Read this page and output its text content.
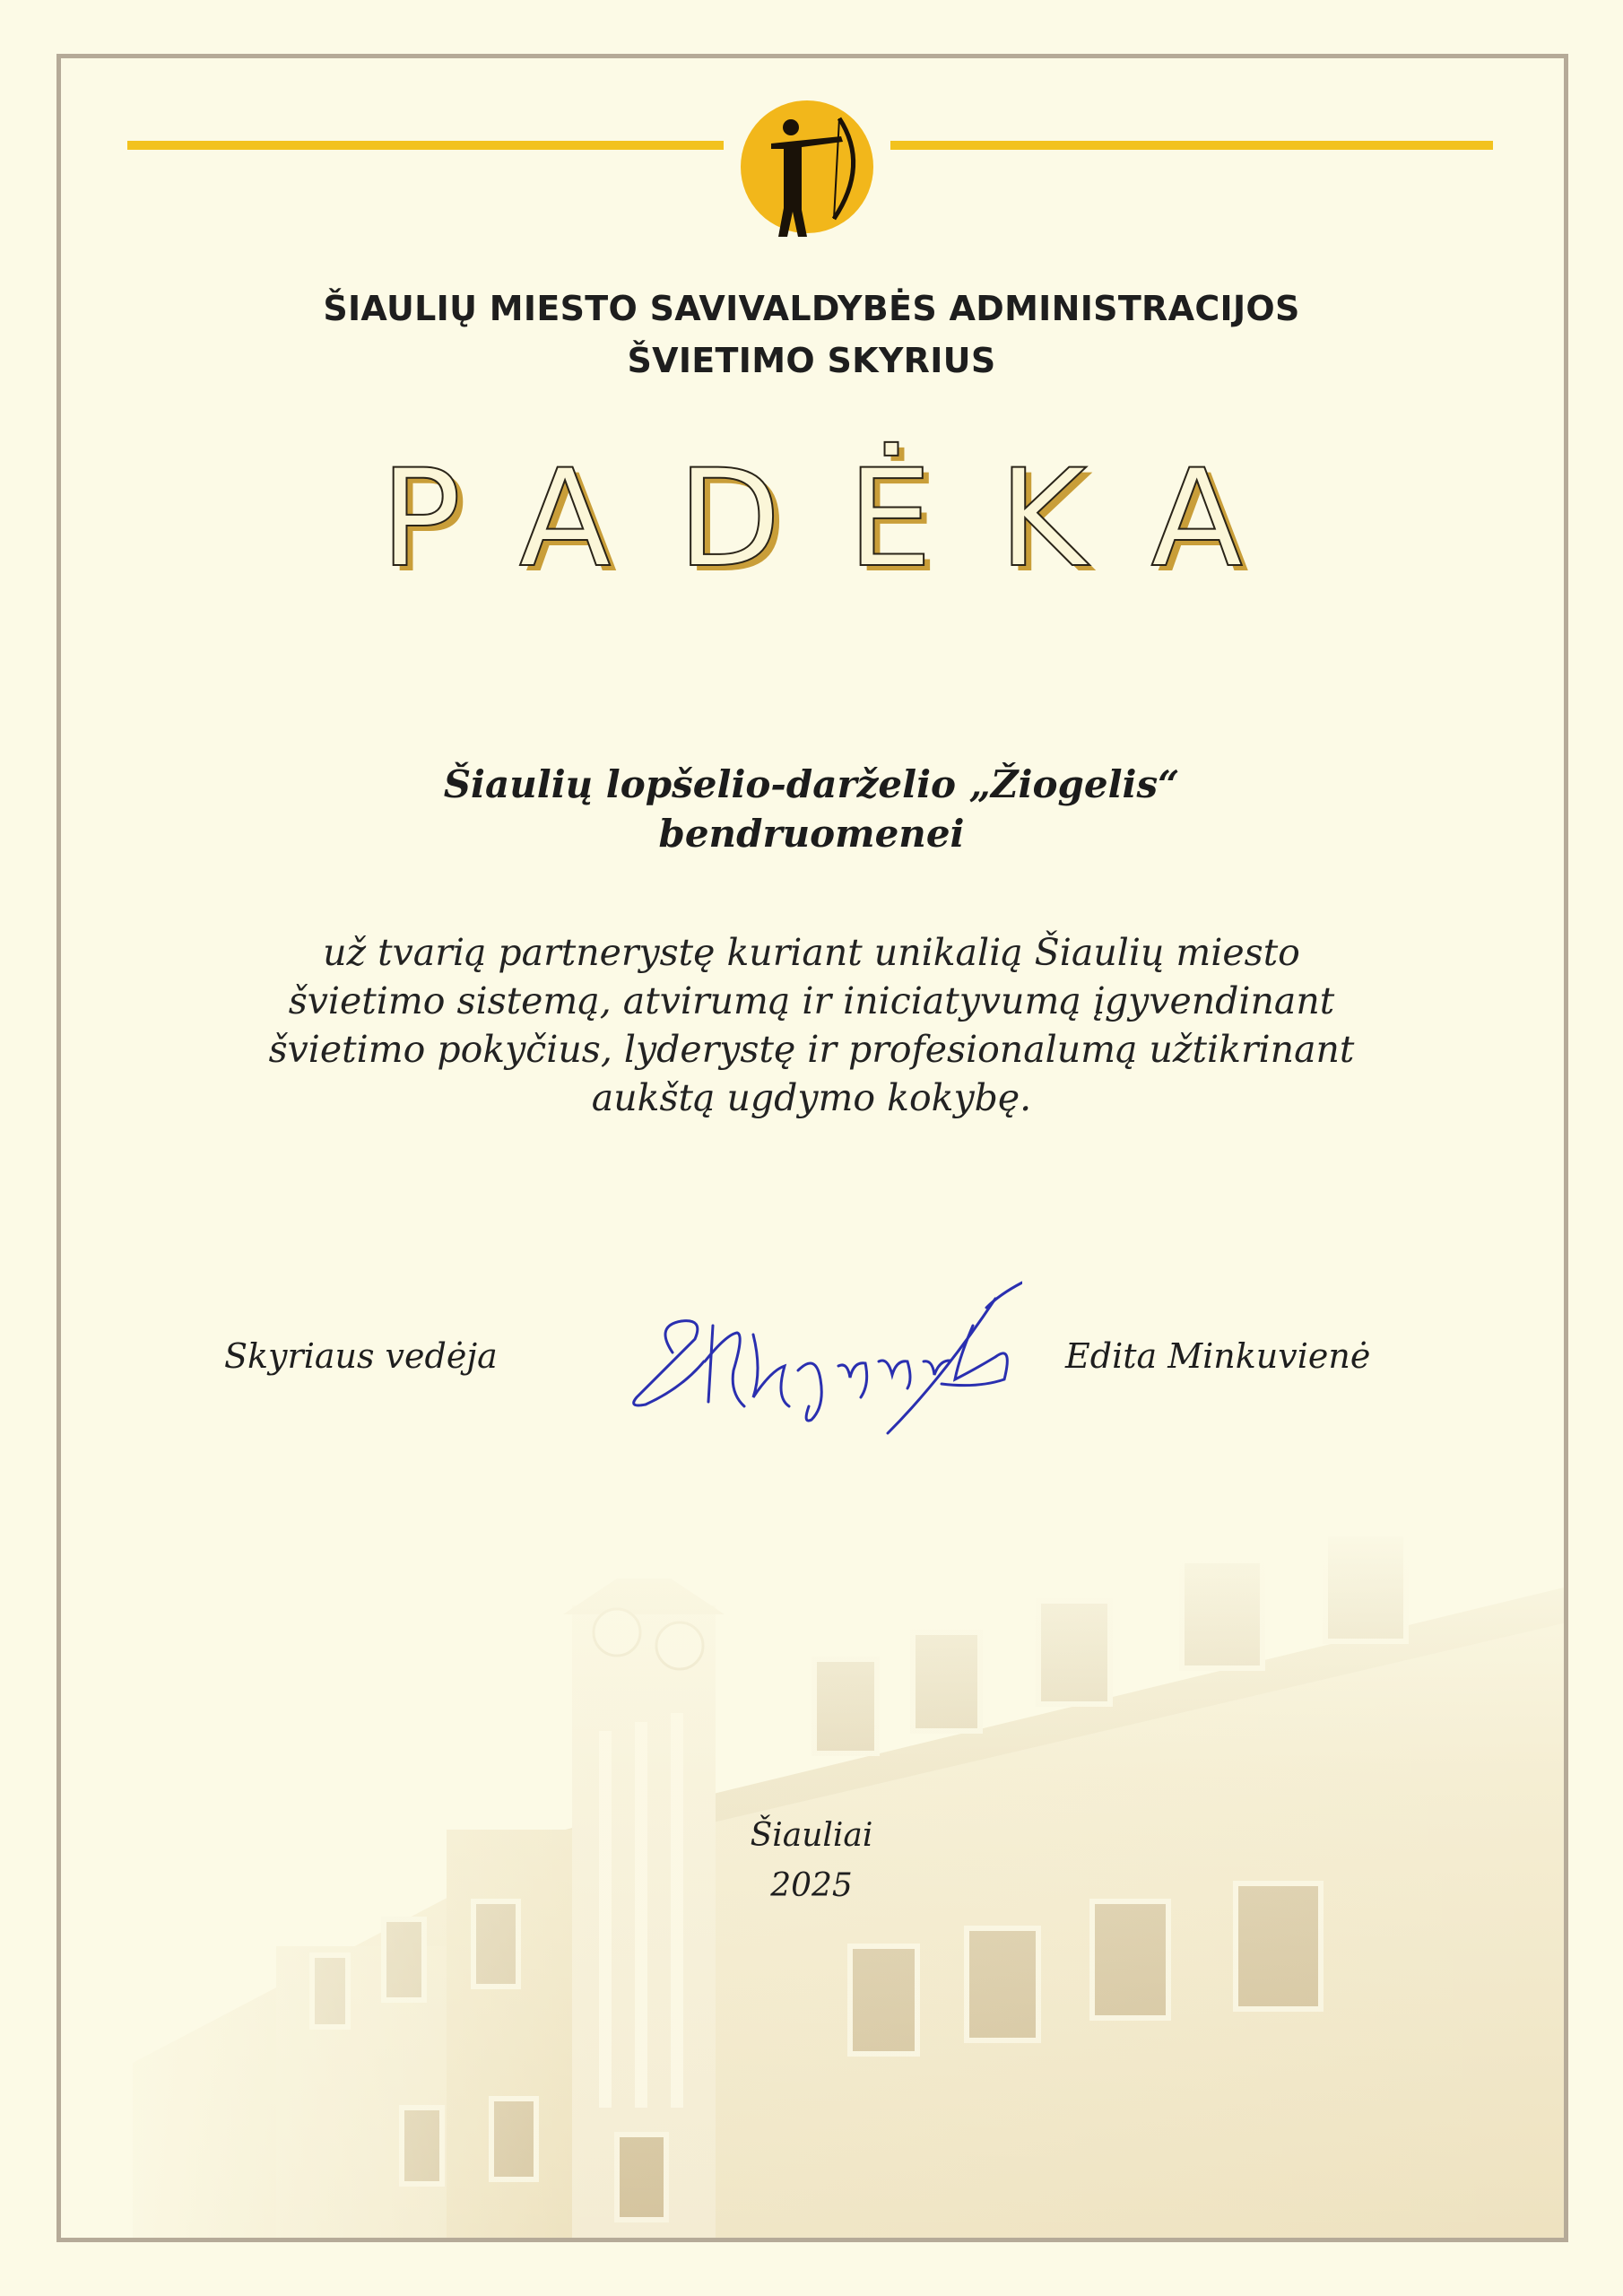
ŠIAULIŲ MIESTO SAVIVALDYBĖS ADMINISTRACIJOS
ŠVIETIMO SKYRIUS
PADĖKA
Šiaulių lopšelio-darželio „Žiogelis“
bendruomenei
už tvarią partnerystę kuriant unikalią Šiaulių miesto
švietimo sistemą, atvirumą ir iniciatyvumą įgyvendinant
švietimo pokyčius, lyderystę ir profesionalumą užtikrinant
aukštą ugdymo kokybę.
Skyriaus vedėja	Edita Minkuvienė
Šiauliai
2025
